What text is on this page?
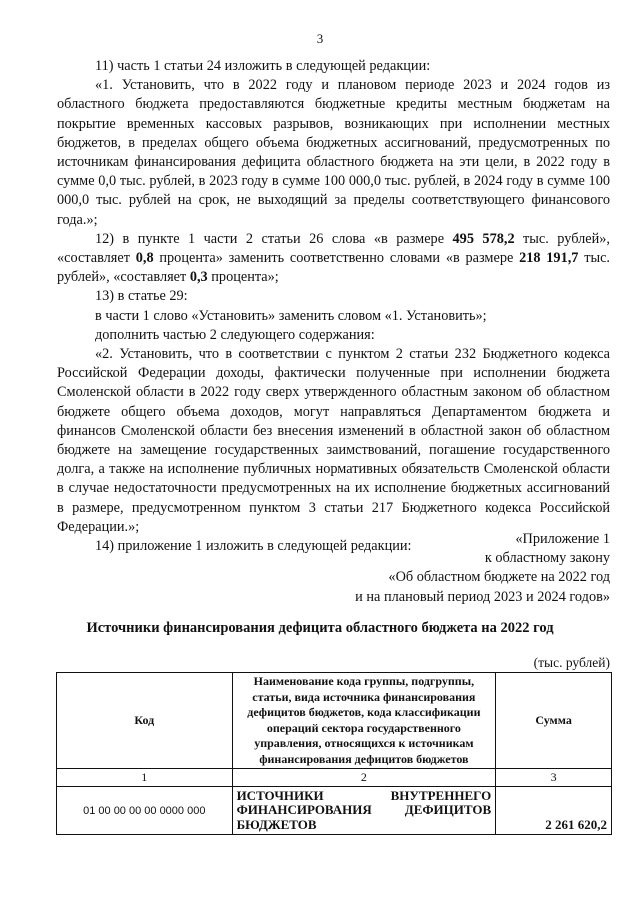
3

11) часть 1 статьи 24 изложить в следующей редакции:

«1. Установить, что в 2022 году и плановом периоде 2023 и 2024 годов из областного бюджета предоставляются бюджетные кредиты местным бюджетам на покрытие временных кассовых разрывов, возникающих при исполнении местных бюджетов, в пределах общего объема бюджетных ассигнований, предусмотренных по источникам финансирования дефицита областного бюджета на эти цели, в 2022 году в сумме 0,0 тыс. рублей, в 2023 году в сумме 100 000,0 тыс. рублей, в 2024 году в сумме 100 000,0 тыс. рублей на срок, не выходящий за пределы соответствующего финансового года.»;

12) в пункте 1 части 2 статьи 26 слова «в размере 495 578,2 тыс. рублей», «составляет 0,8 процента» заменить соответственно словами «в размере 218 191,7 тыс. рублей», «составляет 0,3 процента»;

13) в статье 29:

в части 1 слово «Установить» заменить словом «1. Установить»;

дополнить частью 2 следующего содержания:

«2. Установить, что в соответствии с пунктом 2 статьи 232 Бюджетного кодекса Российской Федерации доходы, фактически полученные при исполнении бюджета Смоленской области в 2022 году сверх утвержденного областным законом об областном бюджете общего объема доходов, могут направляться Департаментом бюджета и финансов Смоленской области без внесения изменений в областной закон об областном бюджете на замещение государственных заимствований, погашение государственного долга, а также на исполнение публичных нормативных обязательств Смоленской области в случае недостаточности предусмотренных на их исполнение бюджетных ассигнований в размере, предусмотренном пунктом 3 статьи 217 Бюджетного кодекса Российской Федерации.»;

14) приложение 1 изложить в следующей редакции:	«Приложение 1
к областному закону
«Об областном бюджете на 2022 год
и на плановый период 2023 и 2024 годов»
Источники финансирования дефицита областного бюджета на 2022 год
(тыс. рублей)
Код	Наименование кода группы, подгруппы, статьи, вида источника финансирования дефицитов бюджетов, кода классификации операций сектора государственного управления, относящихся к источникам финансирования дефицитов бюджетов	Сумма
1	2	3
01 00 00 00 00 0000 000	ИСТОЧНИКИ ВНУТРЕННЕГО ФИНАНСИРОВАНИЯ ДЕФИЦИТОВ БЮДЖЕТОВ	2 261 620,2
